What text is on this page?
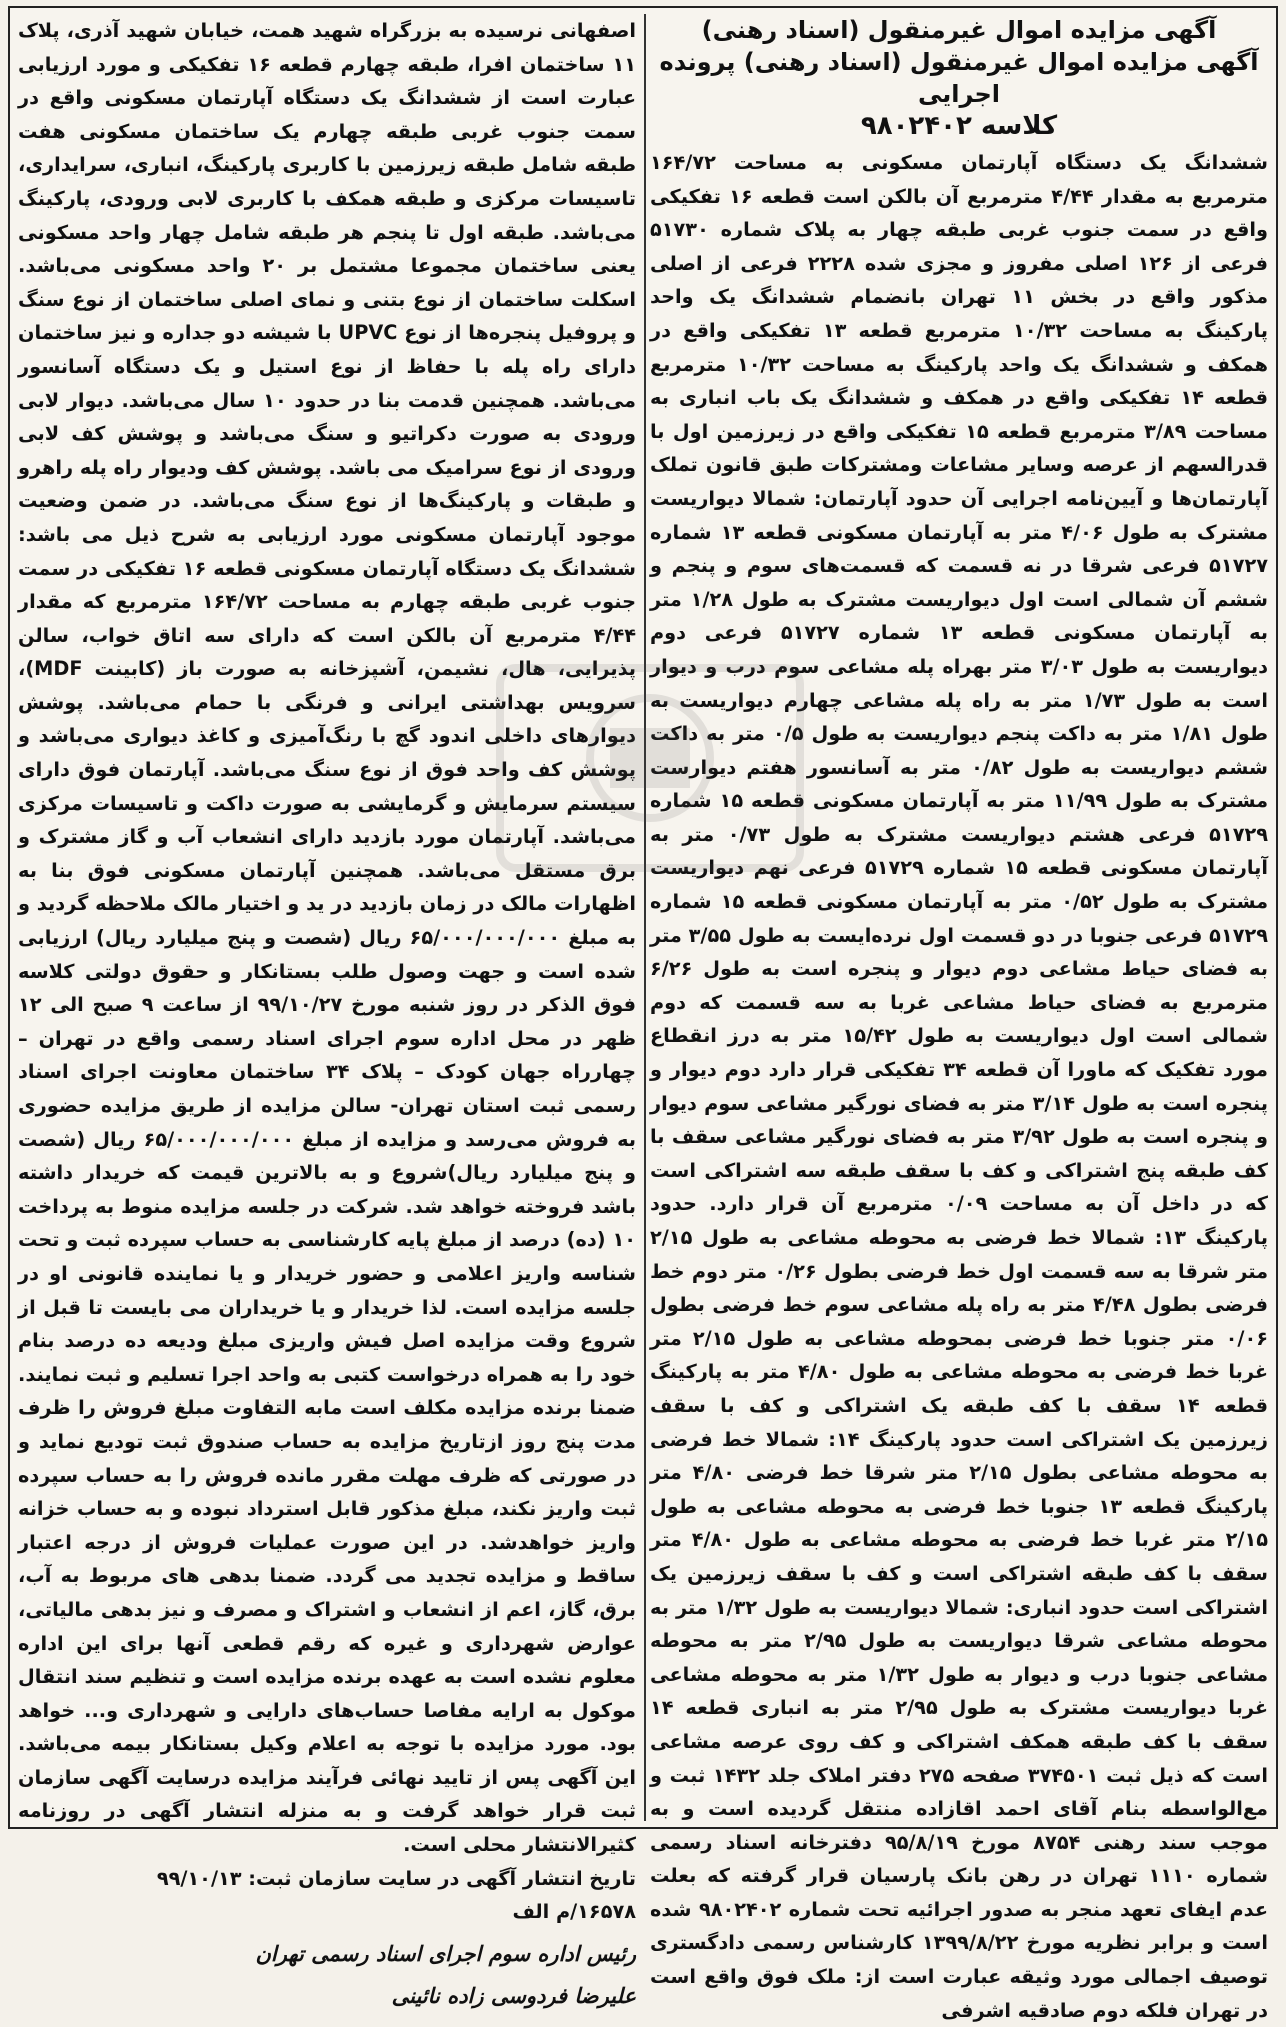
آگهی مزایده اموال غیرمنقول (اسناد رهنی)

آگهی مزایده اموال غیرمنقول (اسناد رهنی) پرونده اجرایی

کلاسه ۹۸۰۲۴۰۲

ششدانگ یک دستگاه آپارتمان مسکونی به مساحت ۱۶۴/۷۲ مترمربع به مقدار ۴/۴۴ مترمربع آن بالکن است قطعه ۱۶ تفکیکی واقع در سمت جنوب غربی طبقه چهار به پلاک شماره ۵۱۷۳۰ فرعی از ۱۲۶ اصلی مفروز و مجزی شده ۲۲۲۸ فرعی از اصلی مذکور واقع در بخش ۱۱ تهران بانضمام ششدانگ یک واحد پارکینگ به مساحت ۱۰/۳۲ مترمربع قطعه ۱۳ تفکیکی واقع در همکف و ششدانگ یک واحد پارکینگ به مساحت ۱۰/۳۲ مترمربع قطعه ۱۴ تفکیکی واقع در همکف و ششدانگ یک باب انباری به مساحت ۳/۸۹ مترمربع قطعه ۱۵ تفکیکی واقع در زیرزمین اول با قدرالسهم از عرصه وسایر مشاعات ومشترکات طبق قانون تملک آپارتمان‌ها و آیین‌نامه اجرایی آن حدود آپارتمان: شمالا دیواریست مشترک به طول ۴/۰۶ متر به آپارتمان مسکونی قطعه ۱۳ شماره ۵۱۷۲۷ فرعی شرقا در نه قسمت که قسمت‌های سوم و پنجم و ششم آن شمالی است اول دیواریست مشترک به طول ۱/۲۸ متر به آپارتمان مسکونی قطعه ۱۳ شماره ۵۱۷۲۷ فرعی دوم دیواریست به طول ۳/۰۳ متر بهراه پله مشاعی سوم درب و دیوار است به طول ۱/۷۳ متر به راه پله مشاعی چهارم دیواریست به طول ۱/۸۱ متر به داکت پنجم دیواریست به طول ۰/۵ متر به داکت ششم دیواریست به طول ۰/۸۲ متر به آسانسور هفتم دیوارست مشترک به طول ۱۱/۹۹ متر به آپارتمان مسکونی قطعه ۱۵ شماره ۵۱۷۲۹ فرعی هشتم دیواریست مشترک به طول ۰/۷۳ متر به آپارتمان مسکونی قطعه ۱۵ شماره ۵۱۷۲۹ فرعی نهم دیواریست مشترک به طول ۰/۵۲ متر به آپارتمان مسکونی قطعه ۱۵ شماره ۵۱۷۲۹ فرعی جنوبا در دو قسمت اول نرده‌ایست به طول ۳/۵۵ متر به فضای حیاط مشاعی دوم دیوار و پنجره است به طول ۶/۲۶ مترمربع به فضای حیاط مشاعی غربا به سه قسمت که دوم شمالی است اول دیواریست به طول ۱۵/۴۲ متر به درز انقطاع مورد تفکیک که ماورا آن قطعه ۳۴ تفکیکی قرار دارد دوم دیوار و پنجره است به طول ۳/۱۴ متر به فضای نورگیر مشاعی سوم دیوار و پنجره است به طول ۳/۹۲ متر به فضای نورگیر مشاعی سقف با کف طبقه پنج اشتراکی و کف با سقف طبقه سه اشتراکی است که در داخل آن به مساحت ۰/۰۹ مترمربع آن قرار دارد. حدود پارکینگ ۱۳: شمالا خط فرضی به محوطه مشاعی به طول ۲/۱۵ متر شرقا به سه قسمت اول خط فرضی بطول ۰/۲۶ متر دوم خط فرضی بطول ۴/۴۸ متر به راه پله مشاعی سوم خط فرضی بطول ۰/۰۶ متر جنوبا خط فرضی بمحوطه مشاعی به طول ۲/۱۵ متر غربا خط فرضی به محوطه مشاعی به طول ۴/۸۰ متر به پارکینگ قطعه ۱۴ سقف با کف طبقه یک اشتراکی و کف با سقف زیرزمین یک اشتراکی است حدود پارکینگ ۱۴: شمالا خط فرضی به محوطه مشاعی بطول ۲/۱۵ متر شرقا خط فرضی ۴/۸۰ متر پارکینگ قطعه ۱۳ جنوبا خط فرضی به محوطه مشاعی به طول ۲/۱۵ متر غربا خط فرضی به محوطه مشاعی به طول ۴/۸۰ متر سقف با کف طبقه اشتراکی است و کف با سقف زیرزمین یک اشتراکی است حدود انباری: شمالا دیواریست به طول ۱/۳۲ متر به محوطه مشاعی شرقا دیواریست به طول ۲/۹۵ متر به محوطه مشاعی جنوبا درب و دیوار به طول ۱/۳۲ متر به محوطه مشاعی غربا دیواریست مشترک به طول ۲/۹۵ متر به انباری قطعه ۱۴ سقف با کف طبقه همکف اشتراکی و کف روی عرصه مشاعی است که ذیل ثبت ۳۷۴۵۰۱ صفحه ۲۷۵ دفتر املاک جلد ۱۴۳۲ ثبت و مع‌الواسطه بنام آقای احمد اقازاده منتقل گردیده است و به موجب سند رهنی ۸۷۵۴ مورخ ۹۵/۸/۱۹ دفترخانه اسناد رسمی شماره ۱۱۱۰ تهران در رهن بانک پارسیان قرار گرفته که بعلت عدم ایفای تعهد منجر به صدور اجرائیه تحت شماره ۹۸۰۲۴۰۲ شده است و برابر نظریه مورخ ۱۳۹۹/۸/۲۲ کارشناس رسمی دادگستری توصیف اجمالی مورد وثیقه عبارت است از: ملک فوق واقع است در تهران فلکه دوم صادقیه اشرفی

اصفهانی نرسیده به بزرگراه شهید همت، خیابان شهید آذری، پلاک ۱۱ ساختمان افرا، طبقه چهارم قطعه ۱۶ تفکیکی و مورد ارزیابی عبارت است از ششدانگ یک دستگاه آپارتمان مسکونی واقع در سمت جنوب غربی طبقه چهارم یک ساختمان مسکونی هفت طبقه شامل طبقه زیرزمین با کاربری پارکینگ، انباری، سرایداری، تاسیسات مرکزی و طبقه همکف با کاربری لابی ورودی، پارکینگ می‌باشد. طبقه اول تا پنجم هر طبقه شامل چهار واحد مسکونی یعنی ساختمان مجموعا مشتمل بر ۲۰ واحد مسکونی می‌باشد. اسکلت ساختمان از نوع بتنی و نمای اصلی ساختمان از نوع سنگ و پروفیل پنجره‌ها از نوع UPVC با شیشه دو جداره و نیز ساختمان دارای راه پله با حفاظ از نوع استیل و یک دستگاه آسانسور می‌باشد. همچنین قدمت بنا در حدود ۱۰ سال می‌باشد. دیوار لابی ورودی به صورت دکراتیو و سنگ می‌باشد و پوشش کف لابی ورودی از نوع سرامیک می باشد. پوشش کف ودیوار راه پله راهرو و طبقات و پارکینگ‌ها از نوع سنگ می‌باشد. در ضمن وضعیت موجود آپارتمان مسکونی مورد ارزیابی به شرح ذیل می باشد: ششدانگ یک دستگاه آپارتمان مسکونی قطعه ۱۶ تفکیکی در سمت جنوب غربی طبقه چهارم به مساحت ۱۶۴/۷۲ مترمربع که مقدار ۴/۴۴ مترمربع آن بالکن است که دارای سه اتاق خواب، سالن پذیرایی، هال، نشیمن، آشپزخانه به صورت باز (کابینت MDF)، سرویس بهداشتی ایرانی و فرنگی با حمام می‌باشد. پوشش دیوارهای داخلی اندود گچ با رنگ‌آمیزی و کاغذ دیواری می‌باشد و پوشش کف واحد فوق از نوع سنگ می‌باشد. آپارتمان فوق دارای سیستم سرمایش و گرمایشی به صورت داکت و تاسیسات مرکزی می‌باشد. آپارتمان مورد بازدید دارای انشعاب آب و گاز مشترک و برق مستقل می‌باشد. همچنین آپارتمان مسکونی فوق بنا به اظهارات مالک در زمان بازدید در ید و اختیار مالک ملاحظه گردید و به مبلغ ۶۵/۰۰۰/۰۰۰/۰۰۰ ریال (شصت و پنج میلیارد ریال) ارزیابی شده است و جهت وصول طلب بستانکار و حقوق دولتی کلاسه فوق الذکر در روز شنبه مورخ ۹۹/۱۰/۲۷ از ساعت ۹ صبح الی ۱۲ ظهر در محل اداره سوم اجرای اسناد رسمی واقع در تهران – چهارراه جهان کودک – پلاک ۳۴ ساختمان معاونت اجرای اسناد رسمی ثبت استان تهران- سالن مزایده از طریق مزایده حضوری به فروش می‌رسد و مزایده از مبلغ ۶۵/۰۰۰/۰۰۰/۰۰۰ ریال (شصت و پنج میلیارد ریال)شروع و به بالاترین قیمت که خریدار داشته باشد فروخته خواهد شد. شرکت در جلسه مزایده منوط به پرداخت ۱۰ (ده) درصد از مبلغ پایه کارشناسی به حساب سپرده ثبت و تحت شناسه واریز اعلامی و حضور خریدار و یا نماینده قانونی او در جلسه مزایده است. لذا خریدار و یا خریداران می بایست تا قبل از شروع وقت مزایده اصل فیش واریزی مبلغ ودیعه ده درصد بنام خود را به همراه درخواست کتبی به واحد اجرا تسلیم و ثبت نمایند. ضمنا برنده مزایده مکلف است مابه التفاوت مبلغ فروش را ظرف مدت پنج روز ازتاریخ مزایده به حساب صندوق ثبت توديع نمايد و در صورتی که ظرف مهلت مقرر مانده فروش را به حساب سپرده ثبت واریز نکند، مبلغ مذکور قابل استرداد نبوده و به حساب خزانه واریز خواهدشد. در این صورت عملیات فروش از درجه اعتبار ساقط و مزایده تجدید می گردد. ضمنا بدهی های مربوط به آب، برق، گاز، اعم از انشعاب و اشتراک و مصرف و نیز بدهی مالیاتی، عوارض شهرداری و غیره که رقم قطعی آنها برای این اداره معلوم نشده است به عهده برنده مزایده است و تنظیم سند انتقال موکول به ارایه مفاصا حساب‌های دارایی و شهرداری و... خواهد بود. مورد مزایده با توجه به اعلام وکیل بستانکار بیمه می‌باشد. این آگهی پس از تایید نهائی فرآیند مزایده درسایت آگهی سازمان ثبت قرار خواهد گرفت و به منزله انتشار آگهی در روزنامه کثیرالانتشار محلی است.

تاریخ انتشار آگهی در سایت سازمان ثبت: ۹۹/۱۰/۱۳

۱۶۵۷۸/م الف

رئیس اداره سوم اجرای اسناد رسمی تهران

علیرضا فردوسی زاده نائینی
